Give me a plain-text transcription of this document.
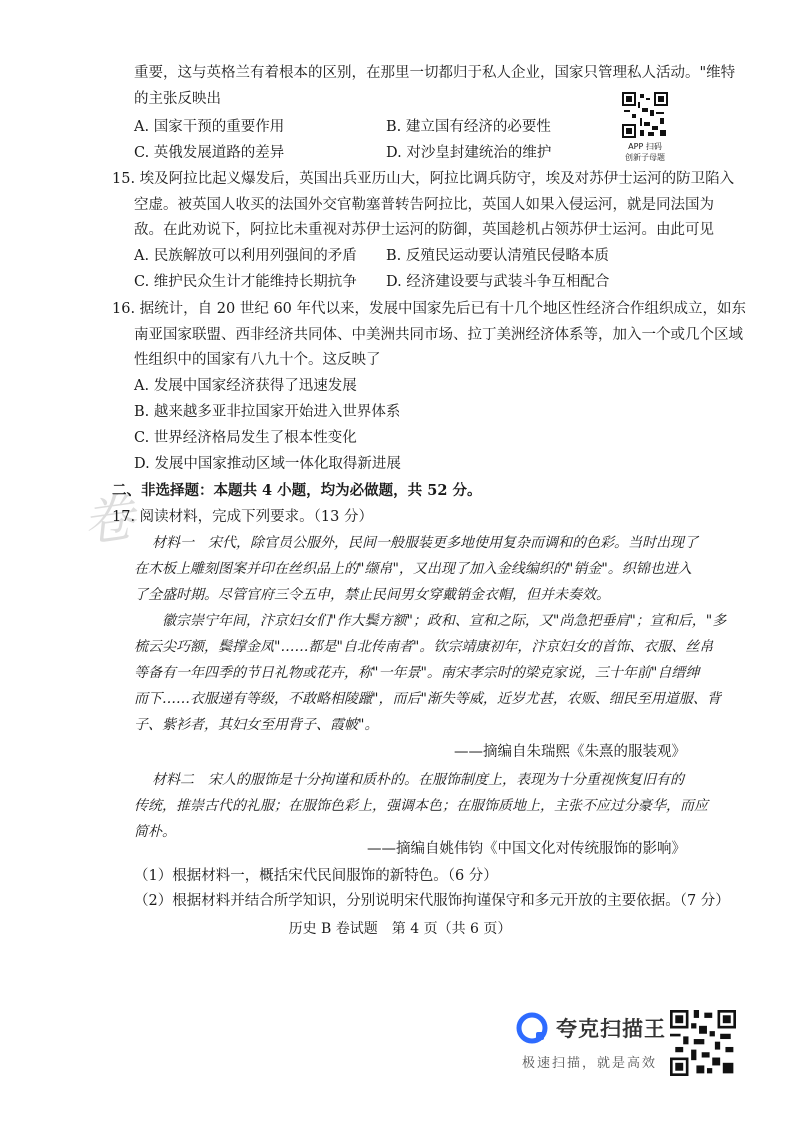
重要，这与英格兰有着根本的区别，在那里一切都归于私人企业，国家只管理私人活动。"维特
的主张反映出
A. 国家干预的重要作用	B. 建立国有经济的必要性
C. 英俄发展道路的差异	D. 对沙皇封建统治的维护	APP 扫码
创新子母题
15. 埃及阿拉比起义爆发后，英国出兵亚历山大，阿拉比调兵防守，埃及对苏伊士运河的防卫陷入
空虚。被英国人收买的法国外交官勒塞普转告阿拉比，英国人如果入侵运河，就是同法国为
敌。在此劝说下，阿拉比未重视对苏伊士运河的防御，英国趁机占领苏伊士运河。由此可见
A. 民族解放可以利用列强间的矛盾 B. 反殖民运动要认清殖民侵略本质
C. 维护民众生计才能维持长期抗争 D. 经济建设要与武装斗争互相配合
16. 据统计，自 20 世纪 60 年代以来，发展中国家先后已有十几个地区性经济合作组织成立，如东
南亚国家联盟、西非经济共同体、中美洲共同市场、拉丁美洲经济体系等，加入一个或几个区域
性组织中的国家有八九十个。这反映了
A. 发展中国家经济获得了迅速发展
B. 越来越多亚非拉国家开始进入世界体系
C. 世界经济格局发生了根本性变化
D. 发展中国家推动区域一体化取得新进展
卷
二、非选择题：本题共 4 小题，均为必做题，共 52 分。
17. 阅读材料，完成下列要求。（13 分）
材料一　宋代，除官员公服外，民间一般服装更多地使用复杂而调和的色彩。当时出现了
在木板上雕刻图案并印在丝织品上的"缬帛"，又出现了加入金线编织的"销金"。织锦也进入
了全盛时期。尽管官府三令五申，禁止民间男女穿戴销金衣帽，但并未奏效。
徽宗崇宁年间，汴京妇女们"作大鬓方额"；政和、宣和之际，又"尚急把垂肩"；宣和后，"多
梳云尖巧额，鬓撑金凤"……都是"自北传南者"。钦宗靖康初年，汴京妇女的首饰、衣服、丝帛
等备有一年四季的节日礼物或花卉，称"一年景"。南宋孝宗时的梁克家说，三十年前"自缙绅
而下……衣服递有等级，不敢略相陵躐"，而后"渐失等威，近岁尤甚，农贩、细民至用道服、背
子、紫衫者，其妇女至用背子、霞帔"。
——摘编自朱瑞熙《朱熹的服装观》
材料二　宋人的服饰是十分拘谨和质朴的。在服饰制度上，表现为十分重视恢复旧有的
传统，推崇古代的礼服；在服饰色彩上，强调本色；在服饰质地上，主张不应过分豪华，而应
简朴。
——摘编自姚伟钧《中国文化对传统服饰的影响》
（1）根据材料一，概括宋代民间服饰的新特色。（6 分）
（2）根据材料并结合所学知识，分别说明宋代服饰拘谨保守和多元开放的主要依据。（7 分）
历史 B 卷试题　第 4 页（共 6 页）
夸克扫描王
极速扫描，就是高效
